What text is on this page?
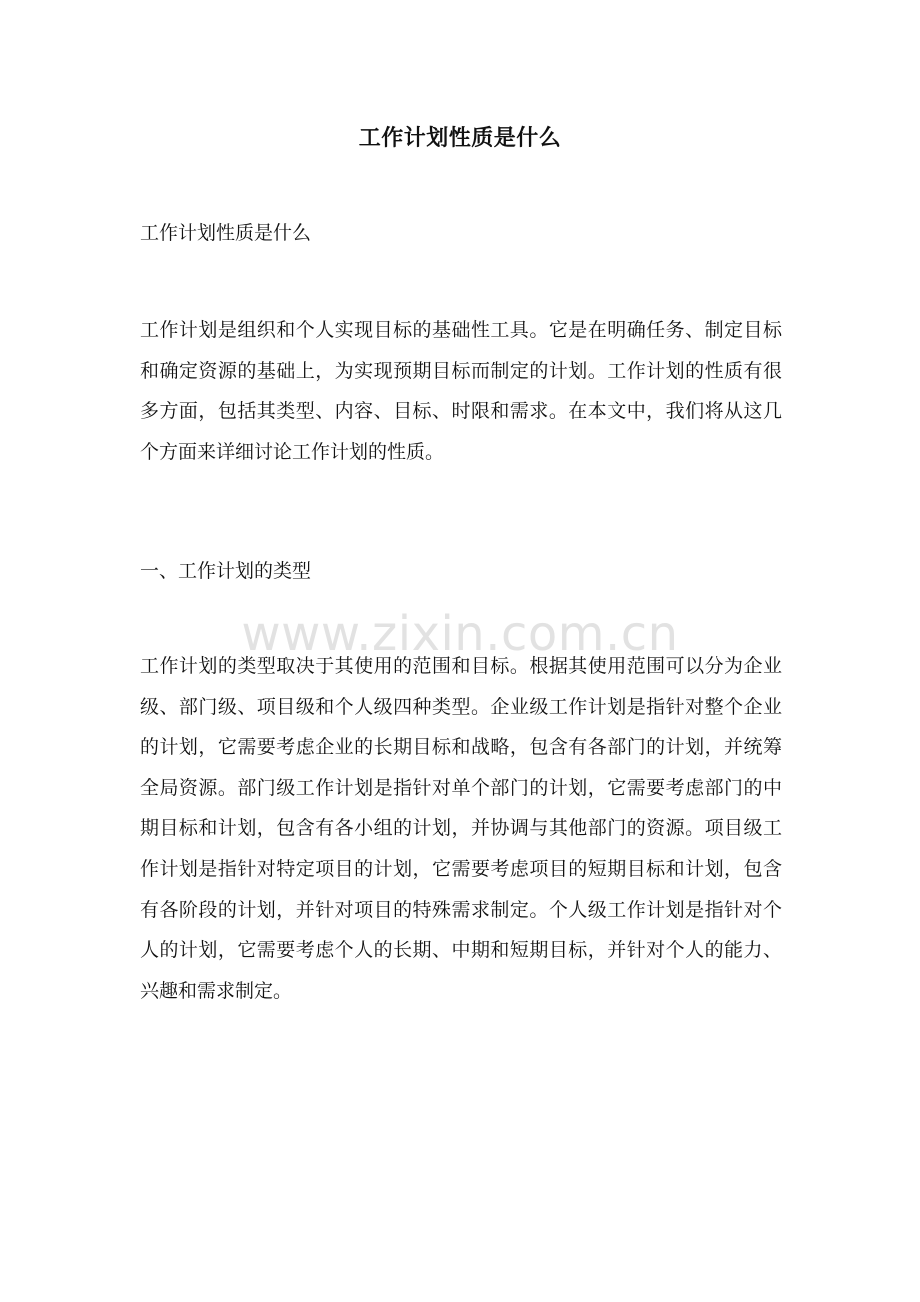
工作计划性质是什么
工作计划性质是什么
工作计划是组织和个人实现目标的基础性工具。它是在明确任务、制定目标和确定资源的基础上，为实现预期目标而制定的计划。工作计划的性质有很多方面，包括其类型、内容、目标、时限和需求。在本文中，我们将从这几个方面来详细讨论工作计划的性质。
一、工作计划的类型
工作计划的类型取决于其使用的范围和目标。根据其使用范围可以分为企业级、部门级、项目级和个人级四种类型。企业级工作计划是指针对整个企业的计划，它需要考虑企业的长期目标和战略，包含有各部门的计划，并统筹全局资源。部门级工作计划是指针对单个部门的计划，它需要考虑部门的中期目标和计划，包含有各小组的计划，并协调与其他部门的资源。项目级工作计划是指针对特定项目的计划，它需要考虑项目的短期目标和计划，包含有各阶段的计划，并针对项目的特殊需求制定。个人级工作计划是指针对个人的计划，它需要考虑个人的长期、中期和短期目标，并针对个人的能力、兴趣和需求制定。
www.zixin.com.cn
